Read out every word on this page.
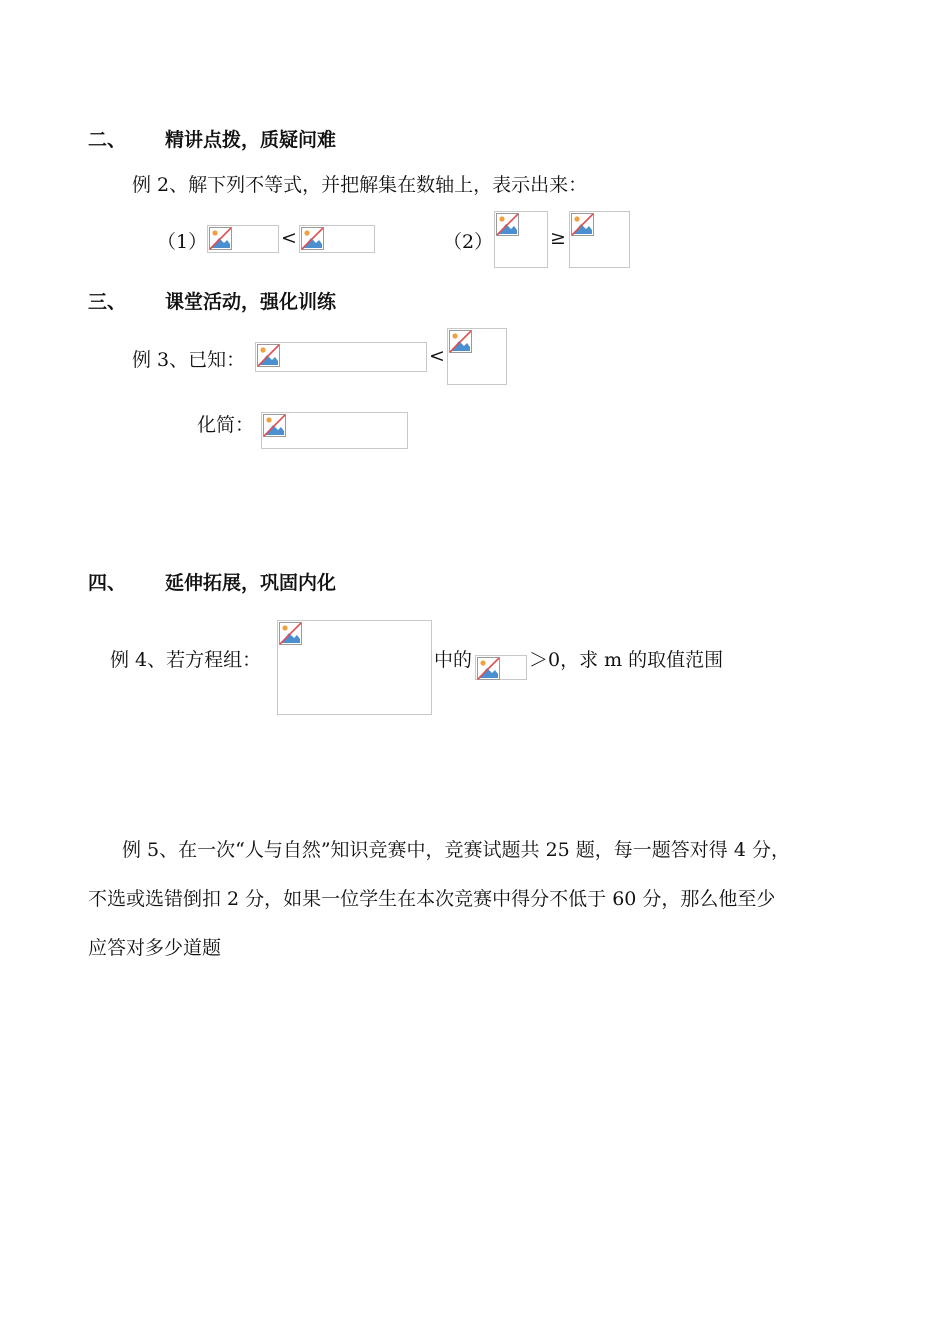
二、 精讲点拨，质疑问难
例 2、解下列不等式，并把解集在数轴上，表示出来：
（1）	<	（2）	≥
三、 课堂活动，强化训练
例 3、已知：	<
化简：
四、 延伸拓展，巩固内化
例 4、若方程组：	中的	＞0，求 m 的取值范围
例 5、在一次“人与自然”知识竞赛中，竞赛试题共 25 题，每一题答对得 4 分，
不选或选错倒扣 2 分，如果一位学生在本次竞赛中得分不低于 60 分，那么他至少
应答对多少道题
